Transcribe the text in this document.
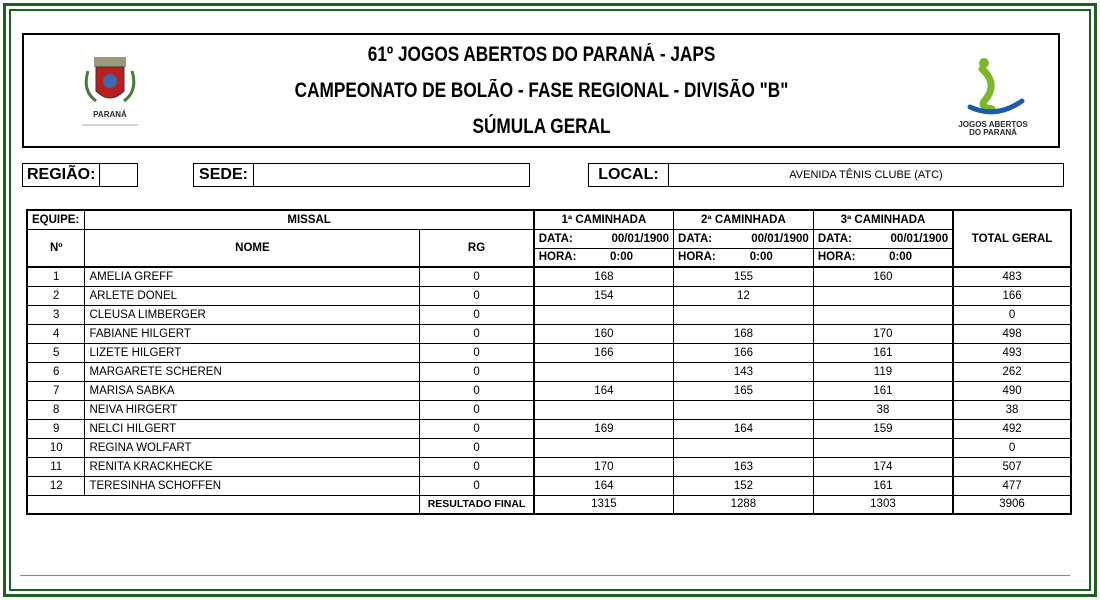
PARANÁ
61º JOGOS ABERTOS DO PARANÁ - JAPS
CAMPEONATO DE BOLÃO - FASE REGIONAL - DIVISÃO "B"
SÚMULA GERAL	JOGOS ABERTOS
DO PARANÁ
REGIÃO:	SEDE:	LOCAL:	AVENIDA TÊNIS CLUBE (ATC)
EQUIPE:	MISSAL		1ª CAMINHADA	2ª CAMINHADA	3ª CAMINHADA	TOTAL GERAL
Nº	NOME	RG	DATA: 00/01/1900	DATA: 00/01/1900	DATA: 00/01/1900	

			HORA: 0:00	HORA: 0:00	HORA: 0:00	

1	AMELIA GREFF	0	168	155	160	483
2	ARLETE DONEL	0	154	12		166
3	CLEUSA LIMBERGER	0				0
4	FABIANE HILGERT	0	160	168	170	498
5	LIZETE HILGERT	0	166	166	161	493
6	MARGARETE SCHEREN	0		143	119	262
7	MARISA SABKA	0	164	165	161	490
8	NEIVA HIRGERT	0			38	38
9	NELCI HILGERT	0	169	164	159	492
10	REGINA WOLFART	0				0
11	RENITA KRACKHECKE	0	170	163	174	507
12	TERESINHA SCHOFFEN	0	164	152	161	477
		RESULTADO FINAL	1315	1288	1303	3906
